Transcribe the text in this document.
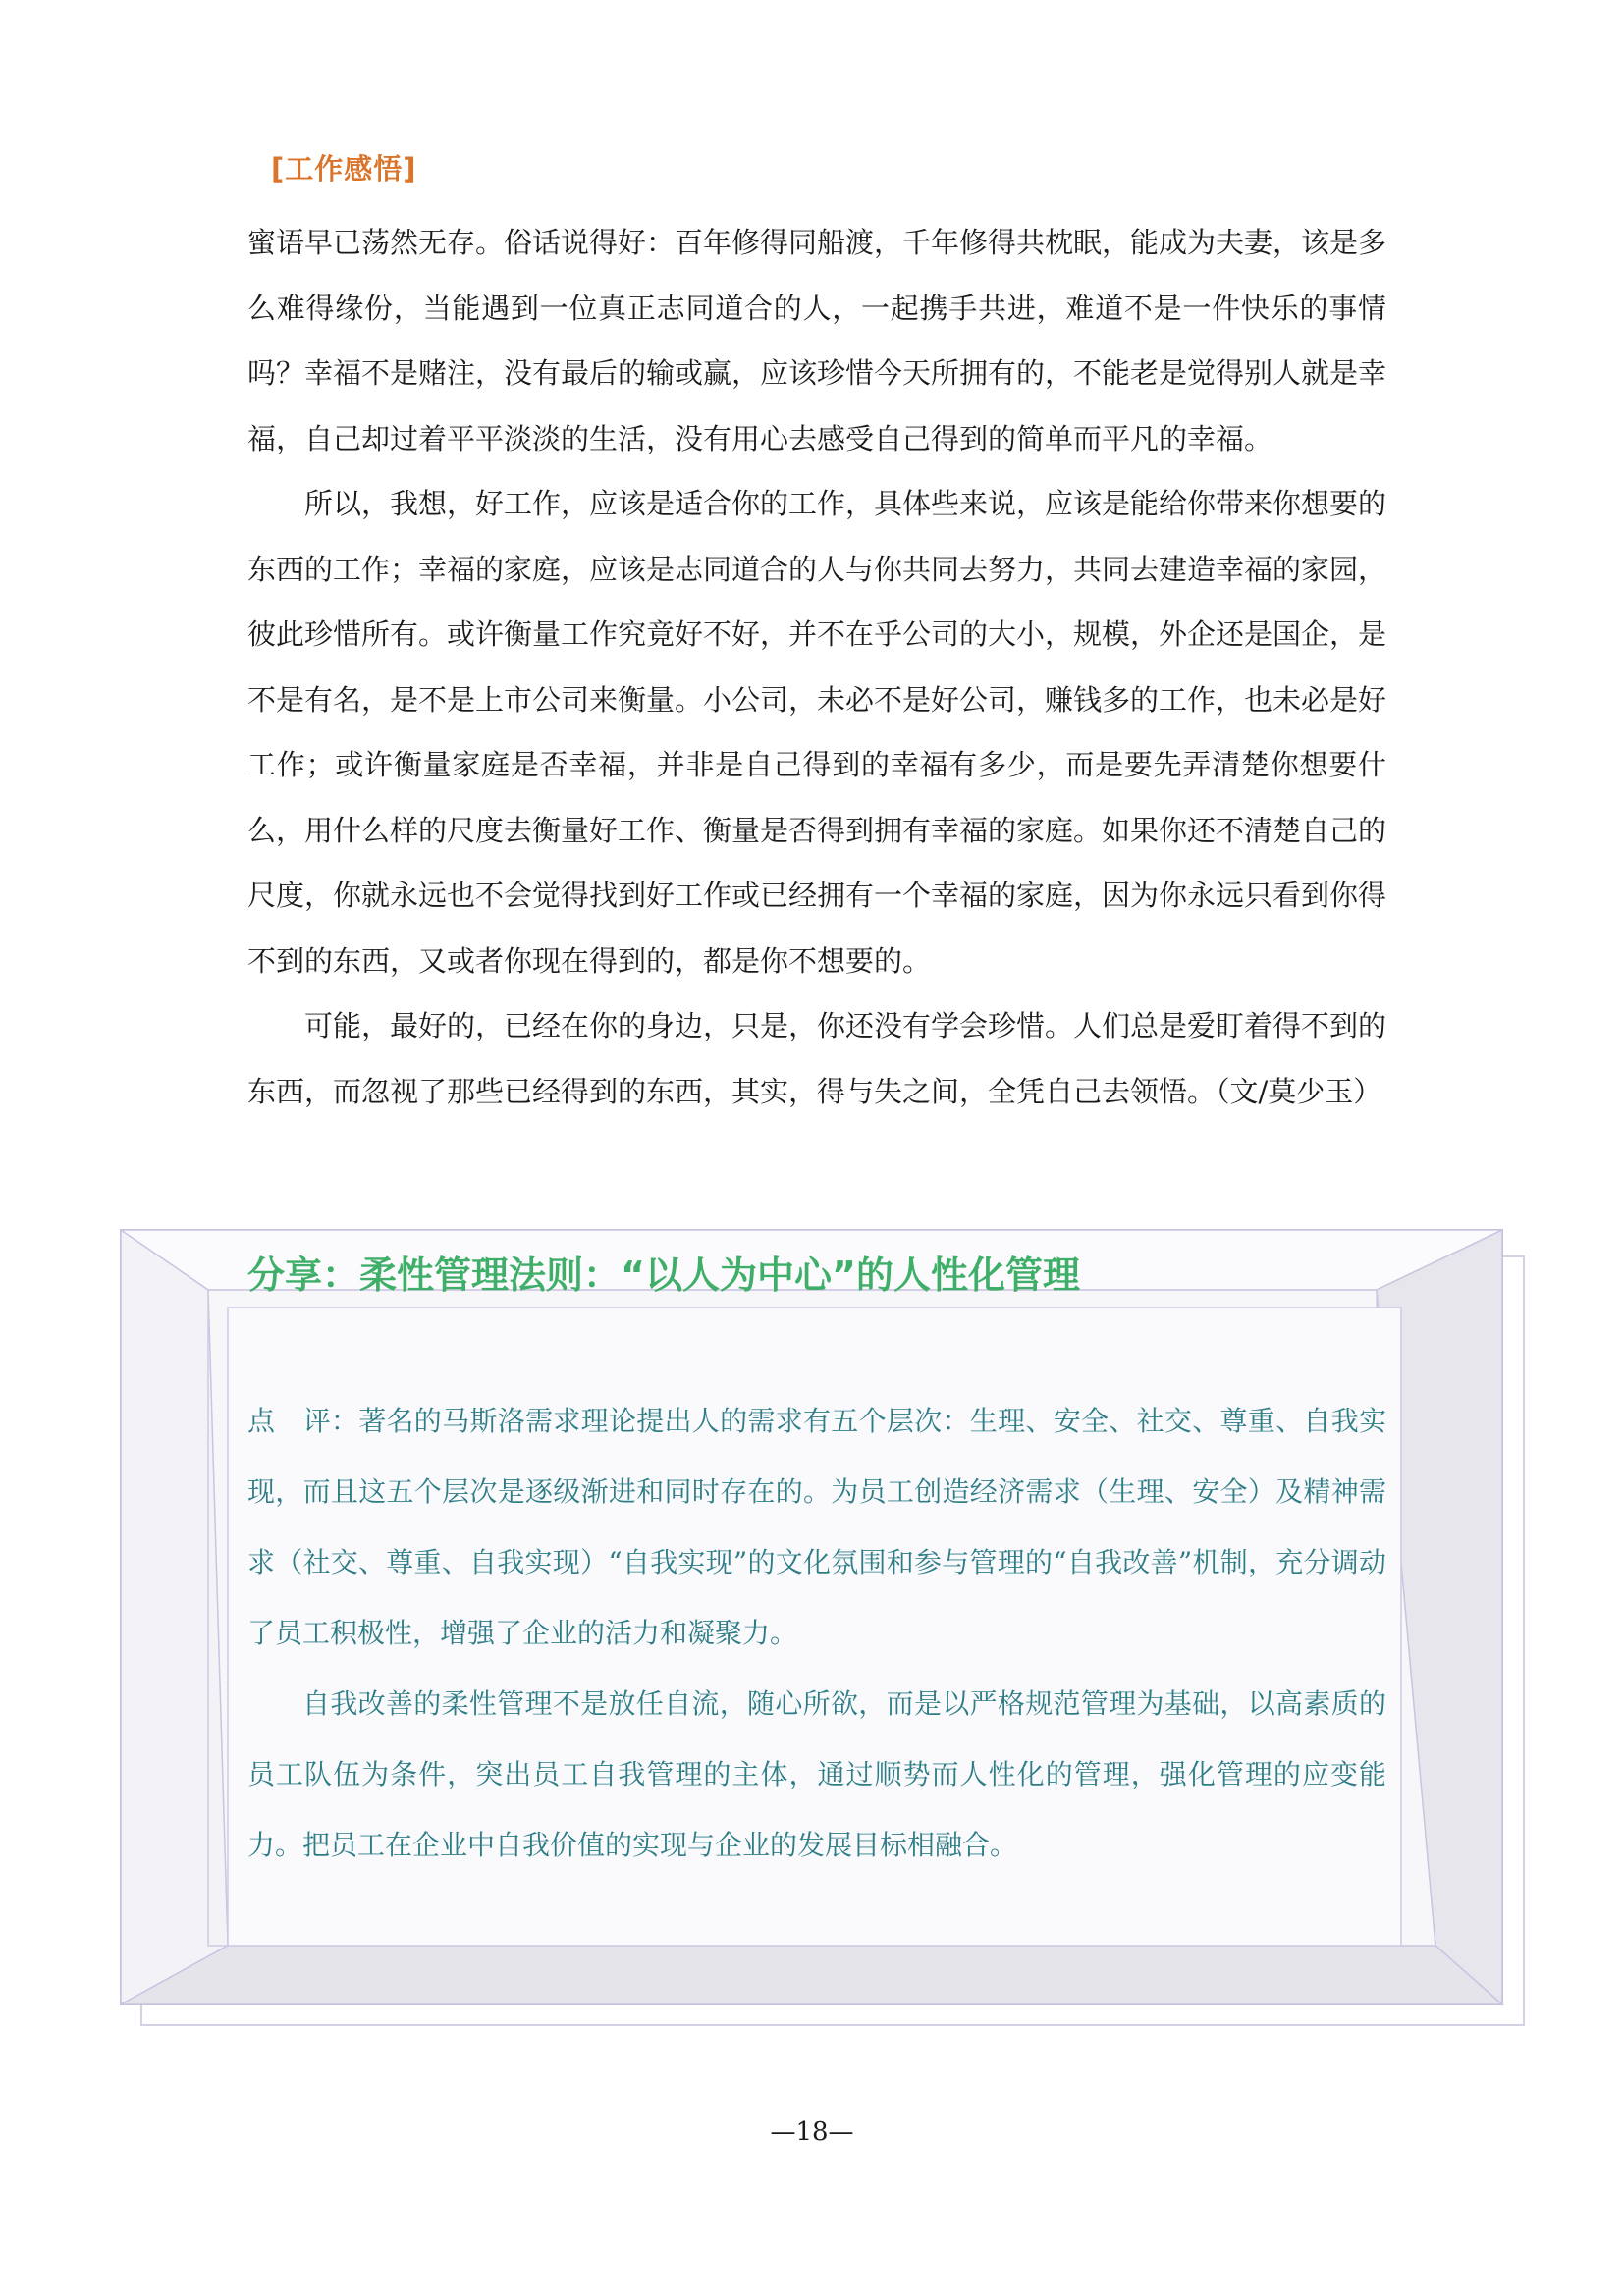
[工作感悟]

蜜语早已荡然无存。俗话说得好：百年修得同船渡，千年修得共枕眠，能成为夫妻，该是多么难得缘份，当能遇到一位真正志同道合的人，一起携手共进，难道不是一件快乐的事情吗？幸福不是赌注，没有最后的输或赢，应该珍惜今天所拥有的，不能老是觉得别人就是幸福，自己却过着平平淡淡的生活，没有用心去感受自己得到的简单而平凡的幸福。

所以，我想，好工作，应该是适合你的工作，具体些来说，应该是能给你带来你想要的东西的工作；幸福的家庭，应该是志同道合的人与你共同去努力，共同去建造幸福的家园，彼此珍惜所有。或许衡量工作究竟好不好，并不在乎公司的大小，规模，外企还是国企，是不是有名，是不是上市公司来衡量。小公司，未必不是好公司，赚钱多的工作，也未必是好工作；或许衡量家庭是否幸福，并非是自己得到的幸福有多少，而是要先弄清楚你想要什么，用什么样的尺度去衡量好工作、衡量是否得到拥有幸福的家庭。如果你还不清楚自己的尺度，你就永远也不会觉得找到好工作或已经拥有一个幸福的家庭，因为你永远只看到你得不到的东西，又或者你现在得到的，都是你不想要的。

可能，最好的，已经在你的身边，只是，你还没有学会珍惜。人们总是爱盯着得不到的东西，而忽视了那些已经得到的东西，其实，得与失之间，全凭自己去领悟。（文/莫少玉）

分享：柔性管理法则：“以人为中心”的人性化管理

点　评：著名的马斯洛需求理论提出人的需求有五个层次：生理、安全、社交、尊重、自我实现，而且这五个层次是逐级渐进和同时存在的。为员工创造经济需求（生理、安全）及精神需求（社交、尊重、自我实现）“自我实现”的文化氛围和参与管理的“自我改善”机制，充分调动了员工积极性，增强了企业的活力和凝聚力。

自我改善的柔性管理不是放任自流，随心所欲，而是以严格规范管理为基础，以高素质的员工队伍为条件，突出员工自我管理的主体，通过顺势而人性化的管理，强化管理的应变能力。把员工在企业中自我价值的实现与企业的发展目标相融合。

—18—
